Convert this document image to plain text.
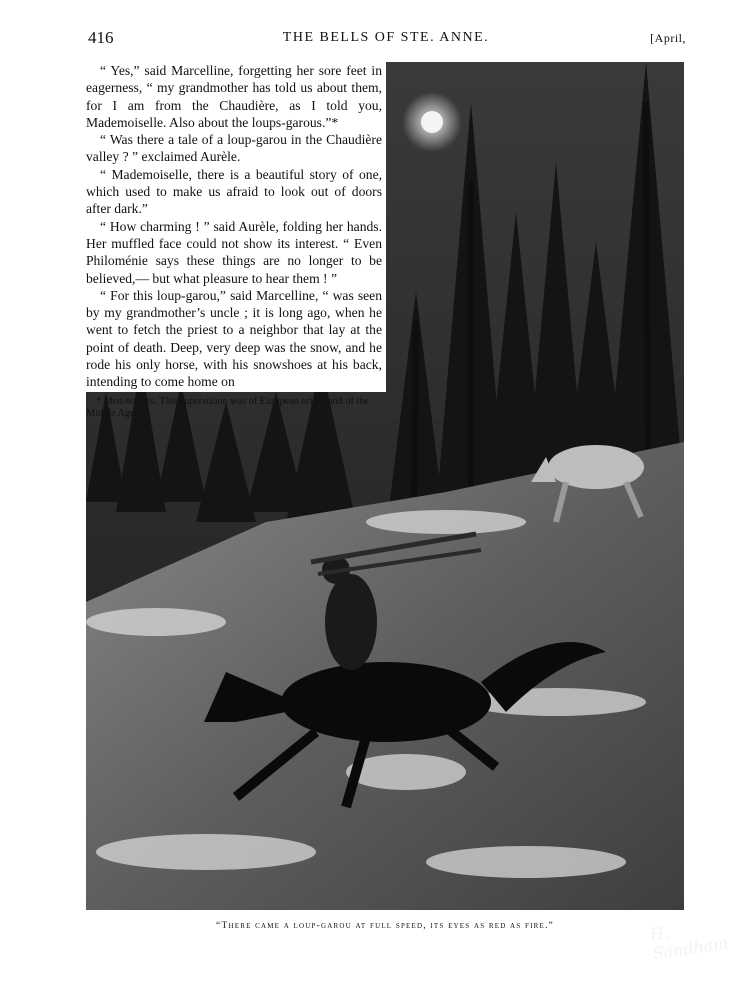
416	THE BELLS OF STE. ANNE.	[April,
H. Sandham

“ Yes,” said Marcelline, forgetting her sore feet in eagerness, “ my grandmother has told us about them, for I am from the Chaudière, as I told you, Mademoiselle. Also about the loups-garous.”*

“ Was there a tale of a loup-garou in the Chaudière valley ? ” exclaimed Aurèle.

“ Mademoiselle, there is a beautiful story of one, which used to make us afraid to look out of doors after dark.”

“ How charming ! ” said Aurèle, folding her hands. Her muffled face could not show its interest. “ Even Philoménie says these things are no longer to be believed,— but what pleasure to hear them ! ”

“ For this loup-garou,” said Marcelline, “ was seen by my grandmother’s uncle ; it is long ago, when he went to fetch the priest to a neighbor that lay at the point of death. Deep, very deep was the snow, and he rode his only horse, with his snowshoes at his back, intending to come home on

* Men-wolves. This superstition was of European origin and of the Middle Ages.

“There came a loup-garou at full speed, its eyes as red as fire.”
